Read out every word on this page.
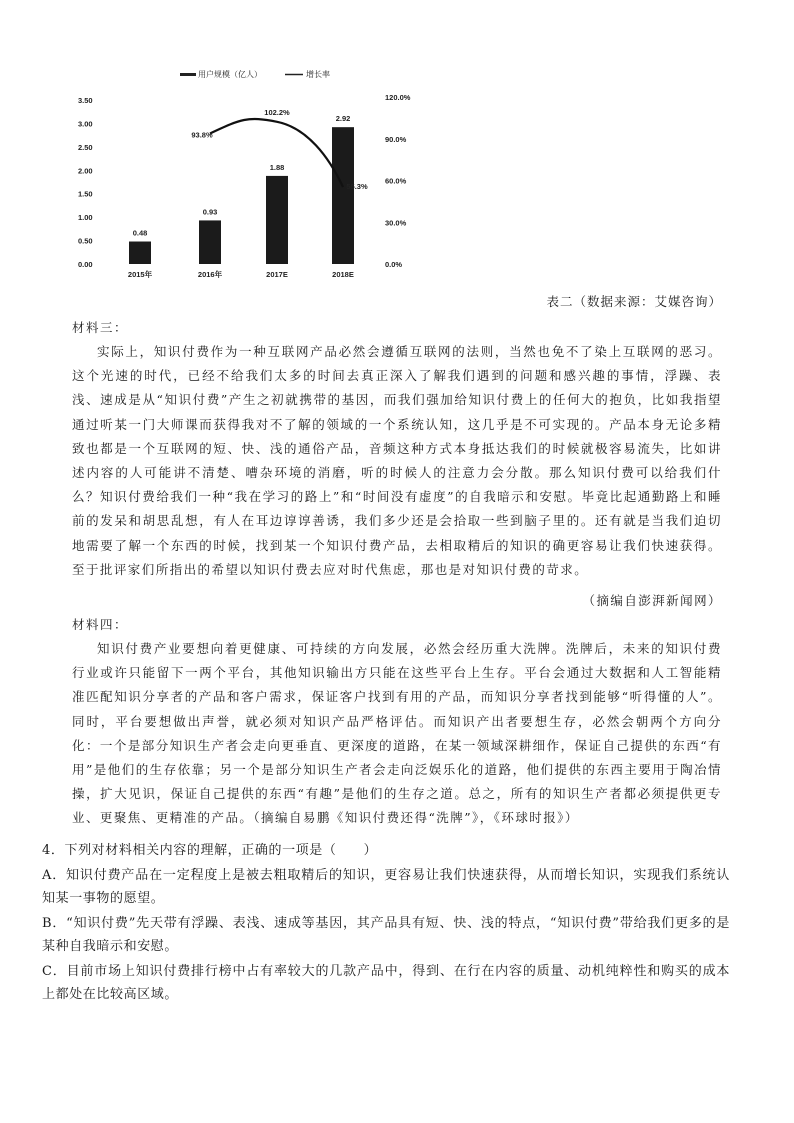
用户规模（亿人）	增长率
3.50
3.00
2.50
2.00
1.50
1.00
0.50
0.00
120.0%
90.0%
60.0%
30.0%
0.0%
0.48
0.93
1.88
2.92
2015年	2016年	2017E	2018E
93.8%
102.2%
55.3%
表二（数据来源：艾媒咨询）
材料三：
实际上，知识付费作为一种互联网产品必然会遵循互联网的法则，当然也免不了染上互联网的恶习。这个光速的时代，已经不给我们太多的时间去真正深入了解我们遇到的问题和感兴趣的事情，浮躁、表浅、速成是从“知识付费”产生之初就携带的基因，而我们强加给知识付费上的任何大的抱负，比如我指望通过听某一门大师课而获得我对不了解的领域的一个系统认知，这几乎是不可实现的。产品本身无论多精致也都是一个互联网的短、快、浅的通俗产品，音频这种方式本身抵达我们的时候就极容易流失，比如讲述内容的人可能讲不清楚、嘈杂环境的消磨，听的时候人的注意力会分散。那么知识付费可以给我们什么？知识付费给我们一种“我在学习的路上”和“时间没有虚度”的自我暗示和安慰。毕竟比起通勤路上和睡前的发呆和胡思乱想，有人在耳边谆谆善诱，我们多少还是会拾取一些到脑子里的。还有就是当我们迫切地需要了解一个东西的时候，找到某一个知识付费产品，去相取精后的知识的确更容易让我们快速获得。至于批评家们所指出的希望以知识付费去应对时代焦虑，那也是对知识付费的苛求。
（摘编自澎湃新闻网）
材料四：
知识付费产业要想向着更健康、可持续的方向发展，必然会经历重大洗牌。洗牌后，未来的知识付费行业或许只能留下一两个平台，其他知识输出方只能在这些平台上生存。平台会通过大数据和人工智能精准匹配知识分享者的产品和客户需求，保证客户找到有用的产品，而知识分享者找到能够“听得懂的人”。同时，平台要想做出声誉，就必须对知识产品严格评估。而知识产出者要想生存，必然会朝两个方向分化：一个是部分知识生产者会走向更垂直、更深度的道路，在某一领域深耕细作，保证自己提供的东西“有用”是他们的生存依靠；另一个是部分知识生产者会走向泛娱乐化的道路，他们提供的东西主要用于陶冶情操，扩大见识，保证自己提供的东西“有趣”是他们的生存之道。总之，所有的知识生产者都必须提供更专业、更聚焦、更精准的产品。（摘编自易鹏《知识付费还得“洗牌”》，《环球时报》）
4．下列对材料相关内容的理解，正确的一项是（　　）
A．知识付费产品在一定程度上是被去粗取精后的知识，更容易让我们快速获得，从而增长知识，实现我们系统认知某一事物的愿望。
B．“知识付费”先天带有浮躁、表浅、速成等基因，其产品具有短、快、浅的特点，“知识付费”带给我们更多的是某种自我暗示和安慰。
C．目前市场上知识付费排行榜中占有率较大的几款产品中，得到、在行在内容的质量、动机纯粹性和购买的成本上都处在比较高区域。
